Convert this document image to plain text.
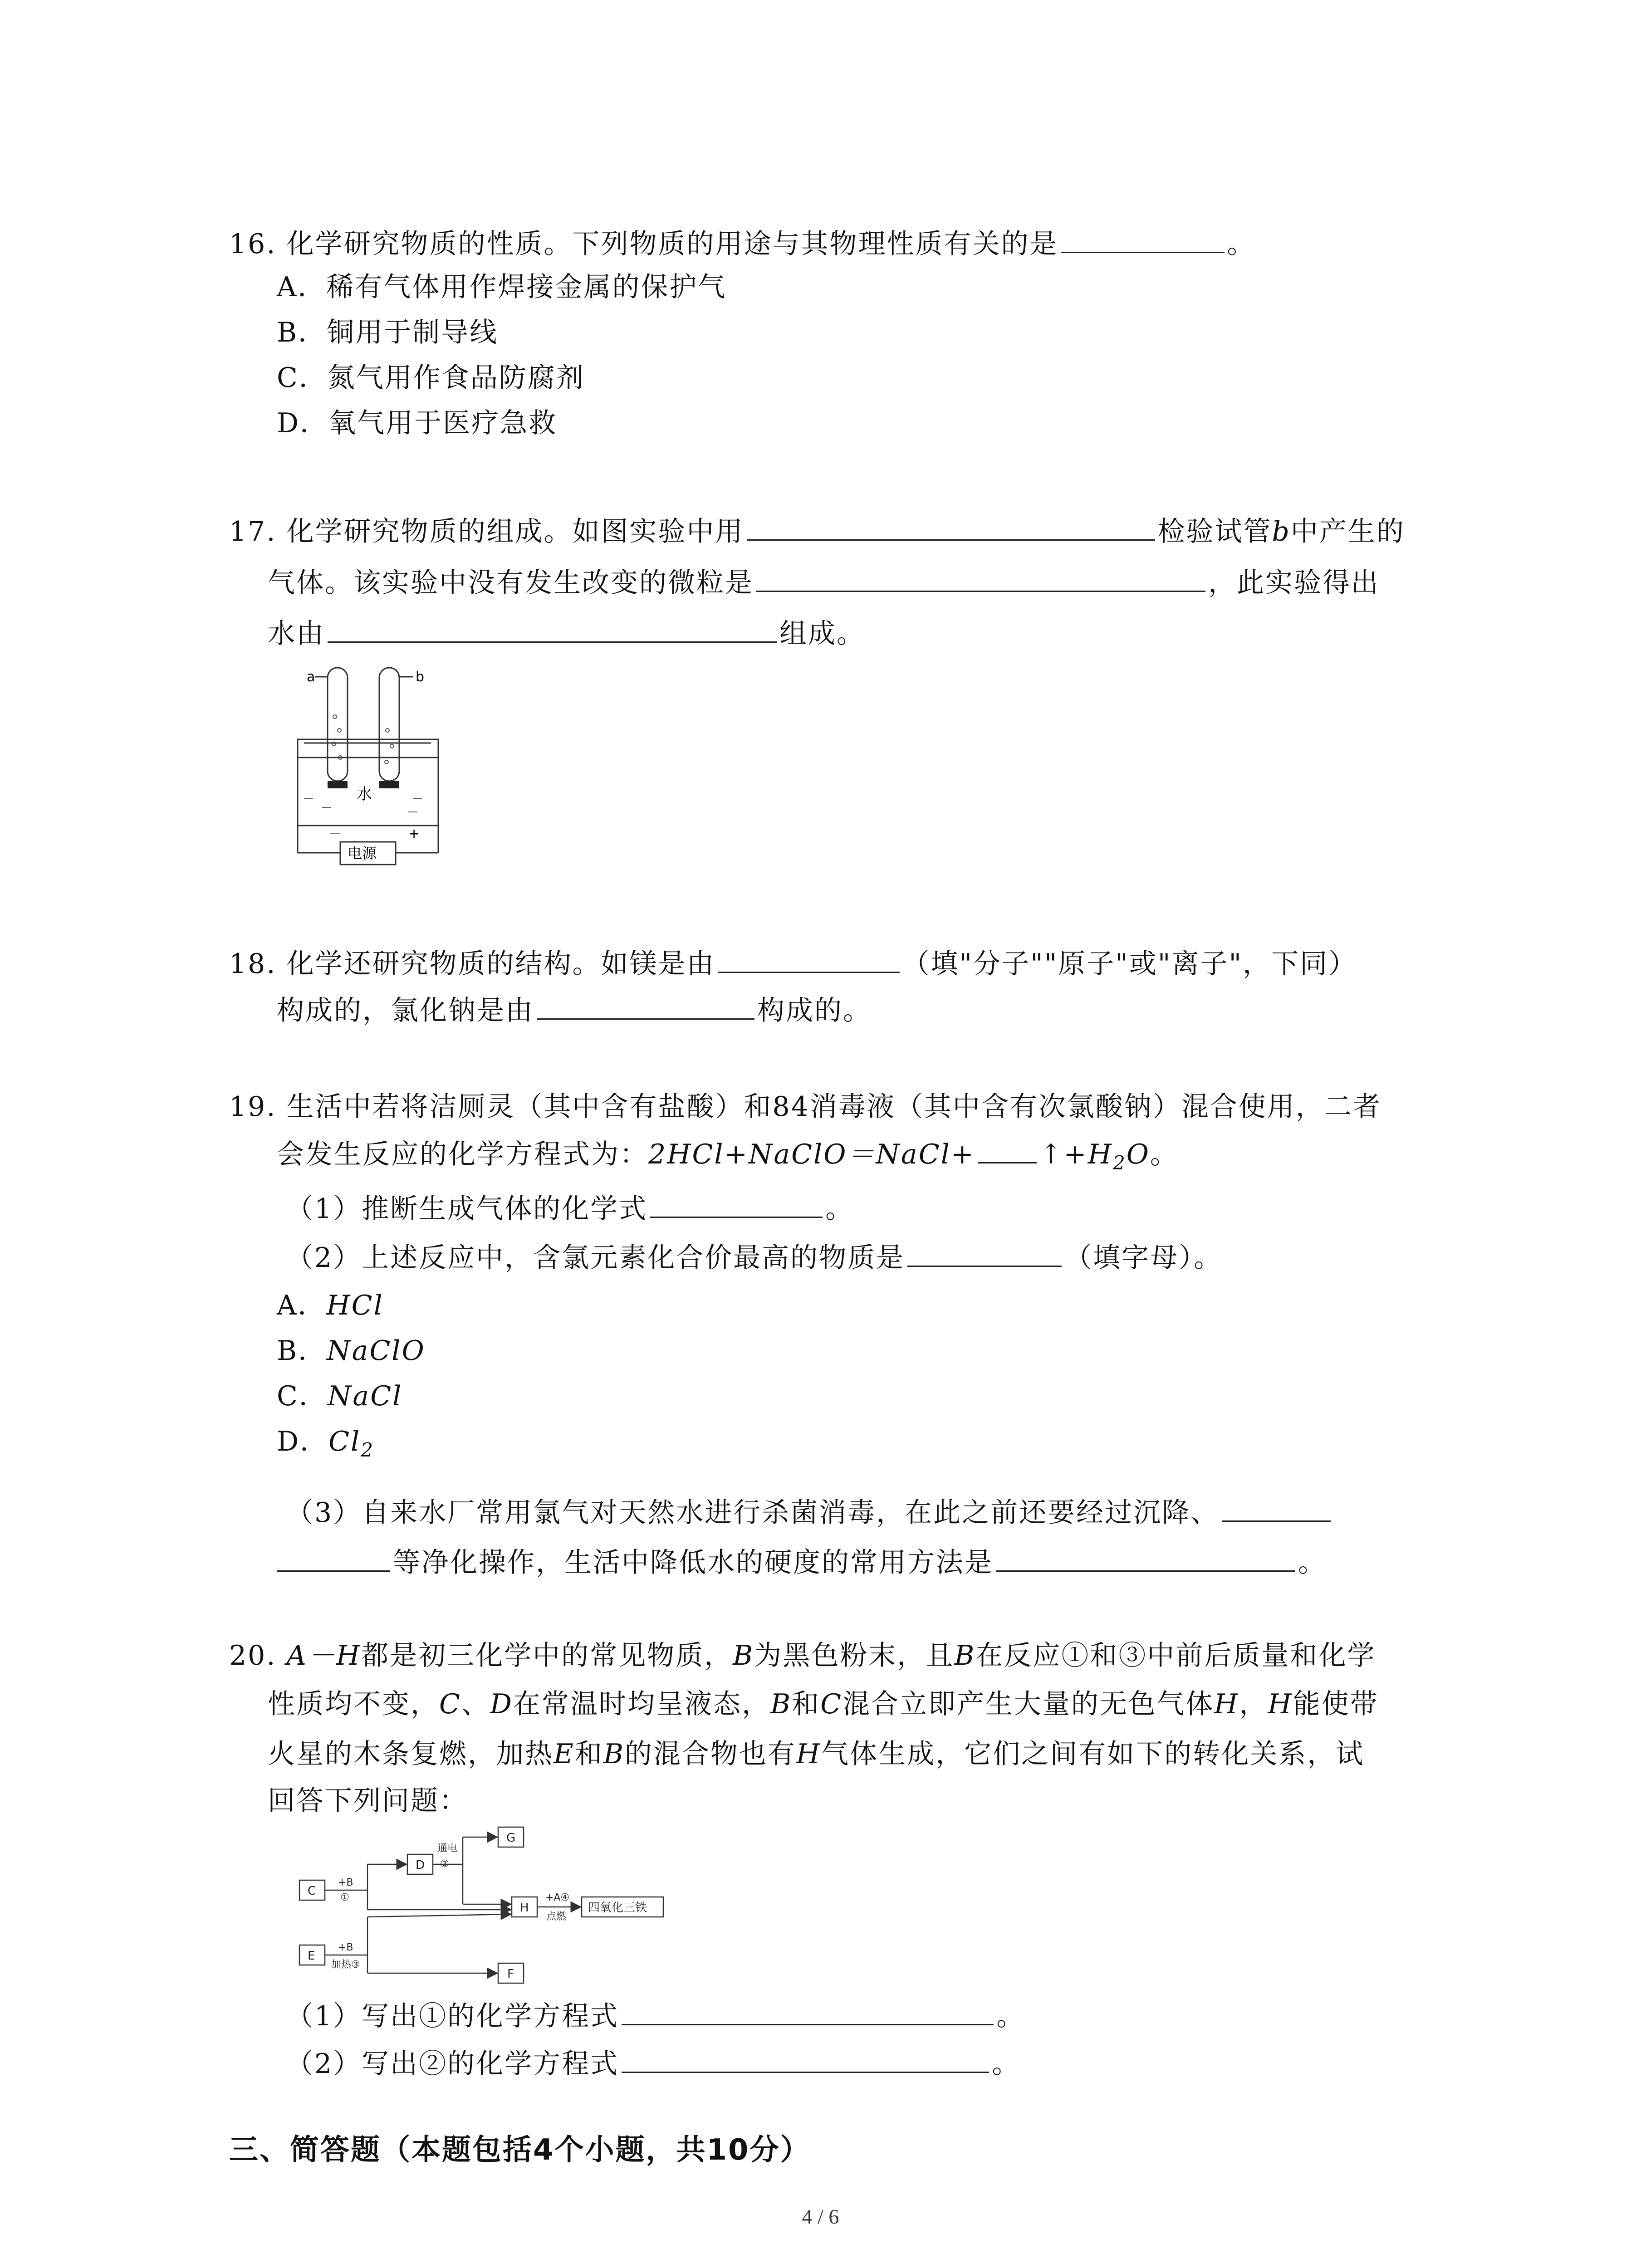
16. 化学研究物质的性质。下列物质的用途与其物理性质有关的是	。
A．稀有气体用作焊接金属的保护气
B．铜用于制导线
C．氮气用作食品防腐剂
D．氧气用于医疗急救
17. 化学研究物质的组成。如图实验中用	检验试管b中产生的
气体。该实验中没有发生改变的微粒是	，此实验得出
水由	组成。
a	b
水
－	+
电源
18. 化学还研究物质的结构。如镁是由	（填"分子""原子"或"离子"，下同）
构成的，氯化钠是由	构成的。
19. 生活中若将洁厕灵（其中含有盐酸）和84消毒液（其中含有次氯酸钠）混合使用，二者
会发生反应的化学方程式为：2HCl+NaClO＝NaCl+ $↑+H_2O$。
（1）推断生成气体的化学式	。
（2）上述反应中，含氯元素化合价最高的物质是	（填字母）。
A．HCl
B．NaClO
C．NaCl
D．$Cl_2$
（3）自来水厂常用氯气对天然水进行杀菌消毒，在此之前还要经过沉降、
等净化操作，生活中降低水的硬度的常用方法是	。
20. A－H都是初三化学中的常见物质，B为黑色粉末，且B在反应①和③中前后质量和化学
性质均不变，C、D在常温时均呈液态，B和C混合立即产生大量的无色气体H，H能使带
火星的木条复燃，加热E和B的混合物也有H气体生成，它们之间有如下的转化关系，试
回答下列问题：
C
+B
①
D
通电
②
G
H
+A④
点燃
四氧化三铁
E
+B
加热③
F
（1）写出①的化学方程式	。
（2）写出②的化学方程式	。
三、简答题（本题包括4个小题，共10分）
4 / 6
